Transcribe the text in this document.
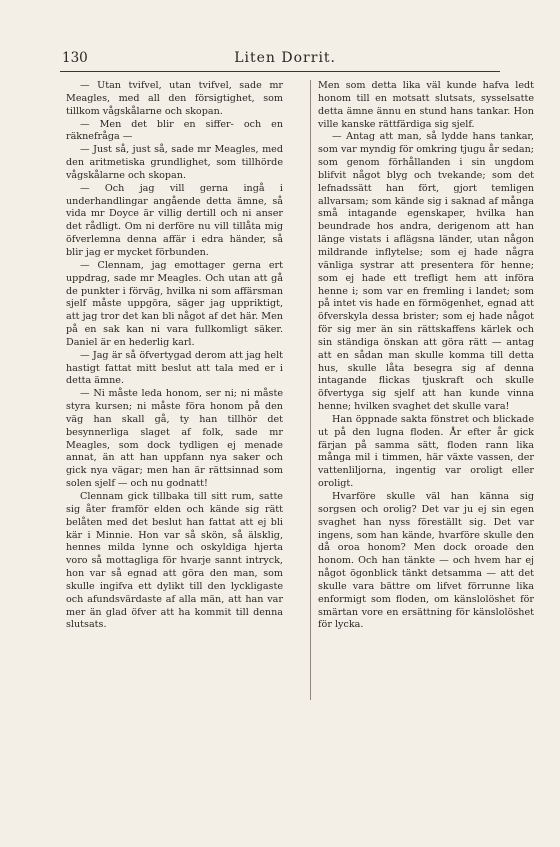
130	Liten Dorrit.

— Utan tvifvel, utan tvifvel, sade mr Meagles, med all den försigtighet, som tillkom vågskålarne och skopan.

— Men det blir en siffer- och en räknefråga —

— Just så, just så, sade mr Meagles, med den aritmetiska grundlighet, som tillhörde vågskålarne och skopan.

— Och jag vill gerna ingå i underhandlingar angående detta ämne, så vida mr Doyce är villig dertill och ni anser det rådligt. Om ni derföre nu vill tillåta mig öfverlemna denna affär i edra händer, så blir jag er mycket förbunden.

— Clennam, jag emottager gerna ert uppdrag, sade mr Meagles. Och utan att gå de punkter i förväg, hvilka ni som affärsman sjelf måste uppgöra, säger jag uppriktigt, att jag tror det kan bli något af det här. Men på en sak kan ni vara fullkomligt säker. Daniel är en hederlig karl.

— Jag är så öfvertygad derom att jag helt hastigt fattat mitt beslut att tala med er i detta ämne.

— Ni måste leda honom, ser ni; ni måste styra kursen; ni måste föra honom på den väg han skall gå, ty han tillhör det besynnerliga slaget af folk, sade mr Meagles, som dock tydligen ej menade annat, än att han uppfann nya saker och gick nya vägar; men han är rättsinnad som solen sjelf — och nu godnatt!

Clennam gick tillbaka till sitt rum, satte sig åter framför elden och kände sig rätt belåten med det beslut han fattat att ej bli kär i Minnie. Hon var så skön, så älsklig, hennes milda lynne och oskyldiga hjerta voro så mottagliga för hvarje sannt intryck, hon var så egnad att göra den man, som skulle ingifva ett dylikt till den lyckligaste och afundsvärdaste af alla män, att han var mer än glad öfver att ha kommit till denna slutsats.

Men som detta lika väl kunde hafva ledt honom till en motsatt slutsats, sysselsatte detta ämne ännu en stund hans tankar. Hon ville kanske rättfärdiga sig sjelf.

— Antag att man, så lydde hans tankar, som var myndig för omkring tjugu år sedan; som genom förhållanden i sin ungdom blifvit något blyg och tvekande; som det lefnadssätt han fört, gjort temligen allvarsam; som kände sig i saknad af många små intagande egenskaper, hvilka han beundrade hos andra, derigenom att han länge vistats i aflägsna länder, utan någon mildrande inflytelse; som ej hade några vänliga systrar att presentera för henne; som ej hade ett trefligt hem att införa henne i; som var en fremling i landet; som på intet vis hade en förmögenhet, egnad att öfverskyla dessa brister; som ej hade något för sig mer än sin rättskaffens kärlek och sin ständiga önskan att göra rätt — antag att en sådan man skulle komma till detta hus, skulle låta besegra sig af denna intagande flickas tjuskraft och skulle öfvertyga sig sjelf att han kunde vinna henne; hvilken svaghet det skulle vara!

Han öppnade sakta fönstret och blickade ut på den lugna floden. År efter år gick färjan på samma sätt, floden rann lika många mil i timmen, här växte vassen, der vattenliljorna, ingentig var oroligt eller oroligt.

Hvarföre skulle väl han känna sig sorgsen och orolig? Det var ju ej sin egen svaghet han nyss föreställt sig. Det var ingens, som han kände, hvarföre skulle den då oroa honom? Men dock oroade den honom. Och han tänkte — och hvem har ej något ögonblick tänkt detsamma — att det skulle vara bättre om lifvet förrunne lika enformigt som floden, om känslolöshet för smärtan vore en ersättning för känslolöshet för lycka.
